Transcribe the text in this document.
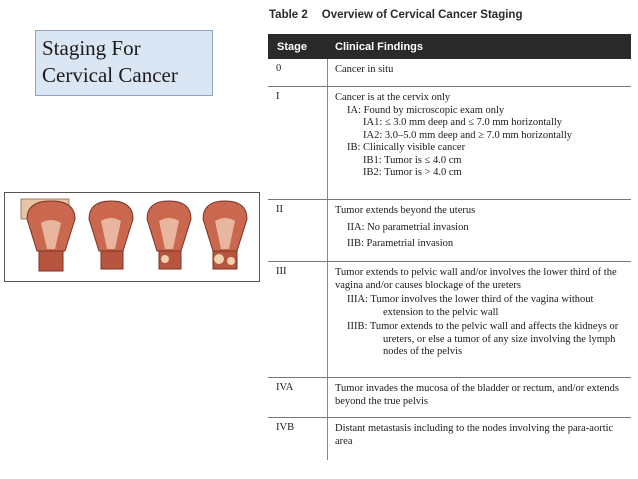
Staging For
Cervical Cancer
Table 2 Overview of Cervical Cancer Staging
Stage	Clinical Findings
0	Cancer in situ
I	Cancer is at the cervix only
IA: Found by microscopic exam only
IA1: ≤ 3.0 mm deep and ≤ 7.0 mm horizontally
IA2: 3.0–5.0 mm deep and ≥ 7.0 mm horizontally
IB: Clinically visible cancer
IB1: Tumor is ≤ 4.0 cm
IB2: Tumor is > 4.0 cm
II	Tumor extends beyond the uterus
IIA: No parametrial invasion
IIB: Parametrial invasion
III	Tumor extends to pelvic wall and/or involves the lower third of the vagina and/or causes blockage of the ureters
IIIA: Tumor involves the lower third of the vagina without extension to the pelvic wall
IIIB: Tumor extends to the pelvic wall and affects the kidneys or ureters, or else a tumor of any size involving the lymph nodes of the pelvis
IVA	Tumor invades the mucosa of the bladder or rectum, and/or extends beyond the true pelvis
IVB	Distant metastasis including to the nodes involving the para-aortic area
